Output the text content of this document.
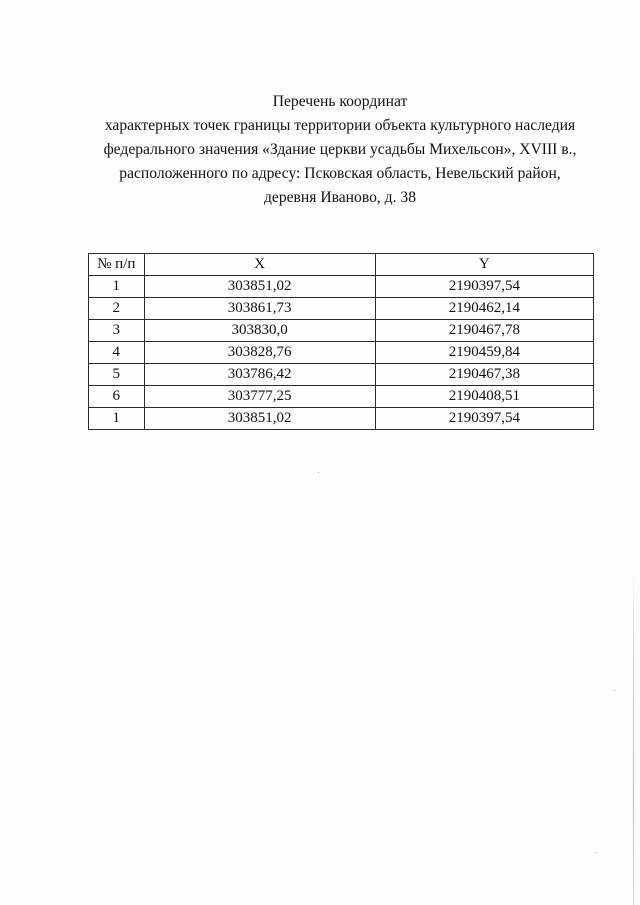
Перечень координат
характерных точек границы территории объекта культурного наследия
федерального значения «Здание церкви усадьбы Михельсон», XVIII в.,
расположенного по адресу: Псковская область, Невельский район,
деревня Иваново, д. 38
№ п/п	X	Y
1	303851,02	2190397,54
2	303861,73	2190462,14
3	303830,0	2190467,78
4	303828,76	2190459,84
5	303786,42	2190467,38
6	303777,25	2190408,51
1	303851,02	2190397,54
